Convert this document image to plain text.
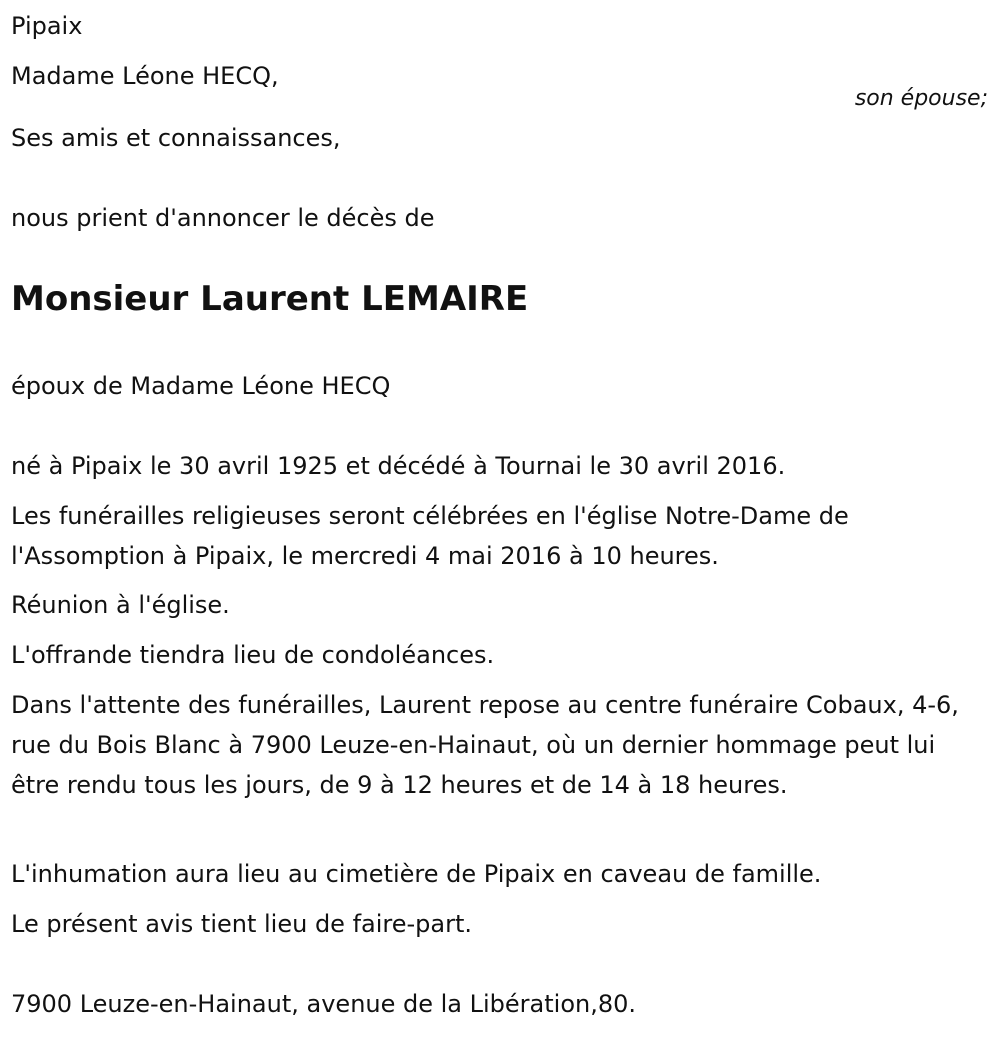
Pipaix

Madame Léone HECQ,

son épouse;

Ses amis et connaissances,

nous prient d'annoncer le décès de

Monsieur Laurent LEMAIRE

époux de Madame Léone HECQ

né à Pipaix le 30 avril 1925 et décédé à Tournai le 30 avril 2016.

Les funérailles religieuses seront célébrées en l'église Notre-Dame de l'Assomption à Pipaix, le mercredi 4 mai 2016 à 10 heures.

Réunion à l'église.

L'offrande tiendra lieu de condoléances.

Dans l'attente des funérailles, Laurent repose au centre funéraire Cobaux, 4-6, rue du Bois Blanc à 7900 Leuze-en-Hainaut, où un dernier hommage peut lui être rendu tous les jours, de 9 à 12 heures et de 14 à 18 heures.

L'inhumation aura lieu au cimetière de Pipaix en caveau de famille.

Le présent avis tient lieu de faire-part.

7900 Leuze-en-Hainaut, avenue de la Libération,80.
